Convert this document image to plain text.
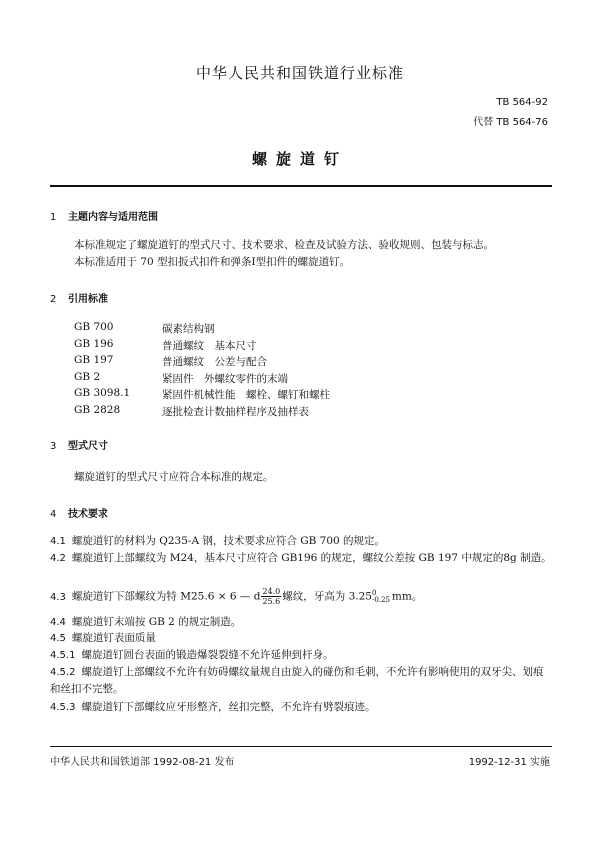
中华人民共和国铁道行业标准
TB 564-92
代替 TB 564-76
螺旋道钉
1 主题内容与适用范围
本标准规定了螺旋道钉的型式尺寸、技术要求、检查及试验方法、验收规则、包装与标志。
本标准适用于 70 型扣扳式扣件和弹条Ⅰ型扣件的螺旋道钉。
2 引用标准
GB 700	碳素结构钢
GB 196	普通螺纹　基本尺寸
GB 197	普通螺纹　公差与配合
GB 2	紧固件　外螺纹零件的末端
GB 3098.1	紧固件机械性能　螺栓、螺钉和螺柱
GB 2828	逐批检查计数抽样程序及抽样表
3 型式尺寸
螺旋道钉的型式尺寸应符合本标准的规定。
4 技术要求
4.1 螺旋道钉的材料为 Q235-A 钢，技术要求应符合 GB 700 的规定。
4.2 螺旋道钉上部螺纹为 M24，基本尺寸应符合 GB196 的规定，螺纹公差按 GB 197 中规定的8g 制造。
4.3 螺旋道钉下部螺纹为特 M25.6 × 6 — d $\frac{24.0}{25.6}$ 螺纹，牙高为 3.25 0
-0.25 mm。
4.4 螺旋道钉末端按 GB 2 的规定制造。
4.5 螺旋道钉表面质量
4.5.1 螺旋道钉圆台表面的锻造爆裂裂缝不允许延伸到杆身。
4.5.2 螺旋道钉上部螺纹不允许有妨碍螺纹量规自由旋入的碰伤和毛刺，不允许有影响使用的双牙尖、划痕和丝扣不完整。
4.5.3 螺旋道钉下部螺纹应牙形整齐，丝扣完整，不允许有劈裂痕迹。
中华人民共和国铁道部 1992-08-21 发布	1992-12-31 实施
